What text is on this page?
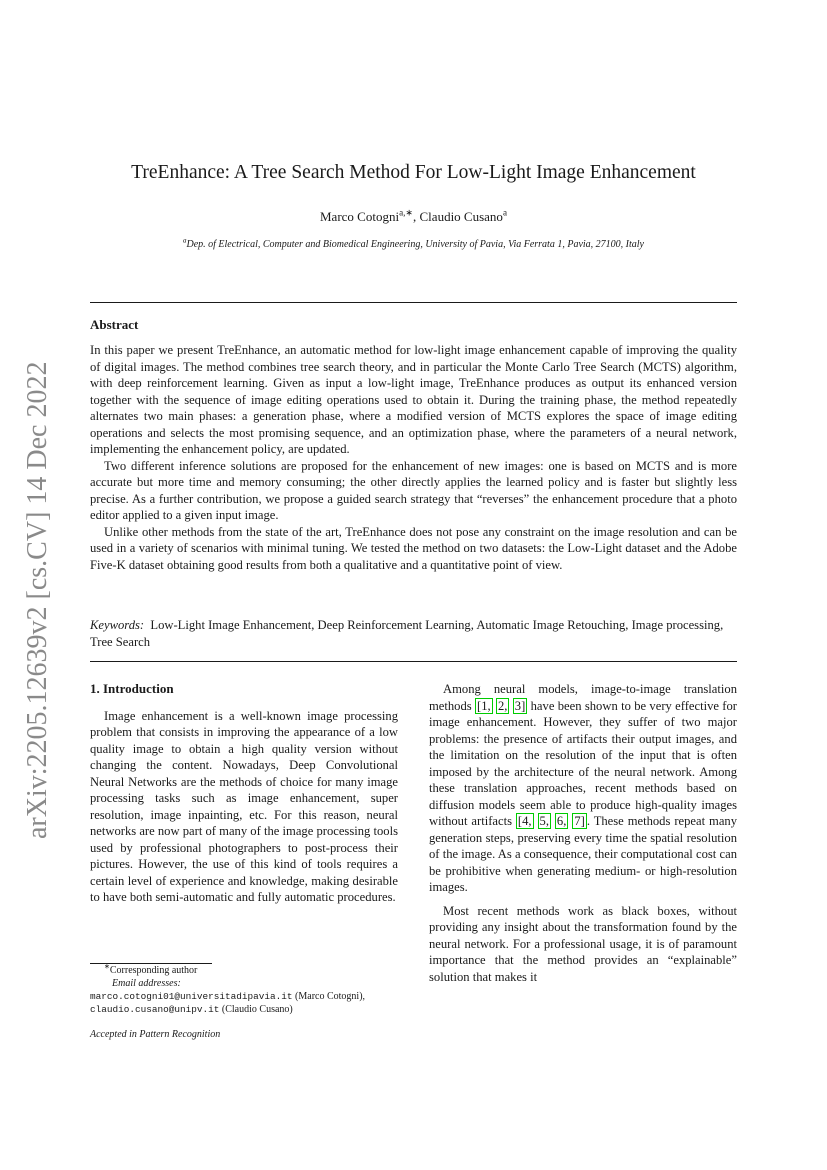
arXiv:2205.12639v2 [cs.CV] 14 Dec 2022
TreEnhance: A Tree Search Method For Low-Light Image Enhancement
Marco Cotogni$^{a,∗}$, Claudio Cusano$^a$
$^a$Dep. of Electrical, Computer and Biomedical Engineering, University of Pavia, Via Ferrata 1, Pavia, 27100, Italy
Abstract

In this paper we present TreEnhance, an automatic method for low-light image enhancement capable of improving the quality of digital images. The method combines tree search theory, and in particular the Monte Carlo Tree Search (MCTS) algorithm, with deep reinforcement learning. Given as input a low-light image, TreEnhance produces as output its enhanced version together with the sequence of image editing operations used to obtain it. During the training phase, the method repeatedly alternates two main phases: a generation phase, where a modified version of MCTS explores the space of image editing operations and selects the most promising sequence, and an optimization phase, where the parameters of a neural network, implementing the enhancement policy, are updated.

Two different inference solutions are proposed for the enhancement of new images: one is based on MCTS and is more accurate but more time and memory consuming; the other directly applies the learned policy and is faster but slightly less precise. As a further contribution, we propose a guided search strategy that “reverses” the enhancement procedure that a photo editor applied to a given input image.

Unlike other methods from the state of the art, TreEnhance does not pose any constraint on the image resolution and can be used in a variety of scenarios with minimal tuning. We tested the method on two datasets: the Low-Light dataset and the Adobe Five-K dataset obtaining good results from both a qualitative and a quantitative point of view.

Keywords: Low-Light Image Enhancement, Deep Reinforcement Learning, Automatic Image Retouching, Image processing, Tree Search
1. Introduction

Image enhancement is a well-known image processing problem that consists in improving the appearance of a low quality image to obtain a high quality version without changing the content. Nowadays, Deep Convolutional Neural Networks are the methods of choice for many image processing tasks such as image enhancement, super resolution, image inpainting, etc. For this reason, neural networks are now part of many of the image processing tools used by professional photographers to post-process their pictures. However, the use of this kind of tools requires a certain level of experience and knowledge, making desirable to have both semi-automatic and fully automatic procedures.

Among neural models, image-to-image translation methods [1, 2, 3] have been shown to be very effective for image enhancement. However, they suffer of two major problems: the presence of artifacts their output images, and the limitation on the resolution of the input that is often imposed by the architecture of the neural network. Among these translation approaches, recent methods based on diffusion models seem able to produce high-quality images without artifacts [4, 5, 6, 7] . These methods repeat many generation steps, preserving every time the spatial resolution of the image. As a consequence, their computational cost can be prohibitive when generating medium- or high-resolution images.

Most recent methods work as black boxes, without providing any insight about the transformation found by the neural network. For a professional usage, it is of paramount importance that the method provides an “explainable” solution that makes it

∗Corresponding author
Email addresses:
marco.cotogni01@universitadipavia.it (Marco Cotogni),
claudio.cusano@unipv.it (Claudio Cusano)
Accepted in Pattern Recognition
